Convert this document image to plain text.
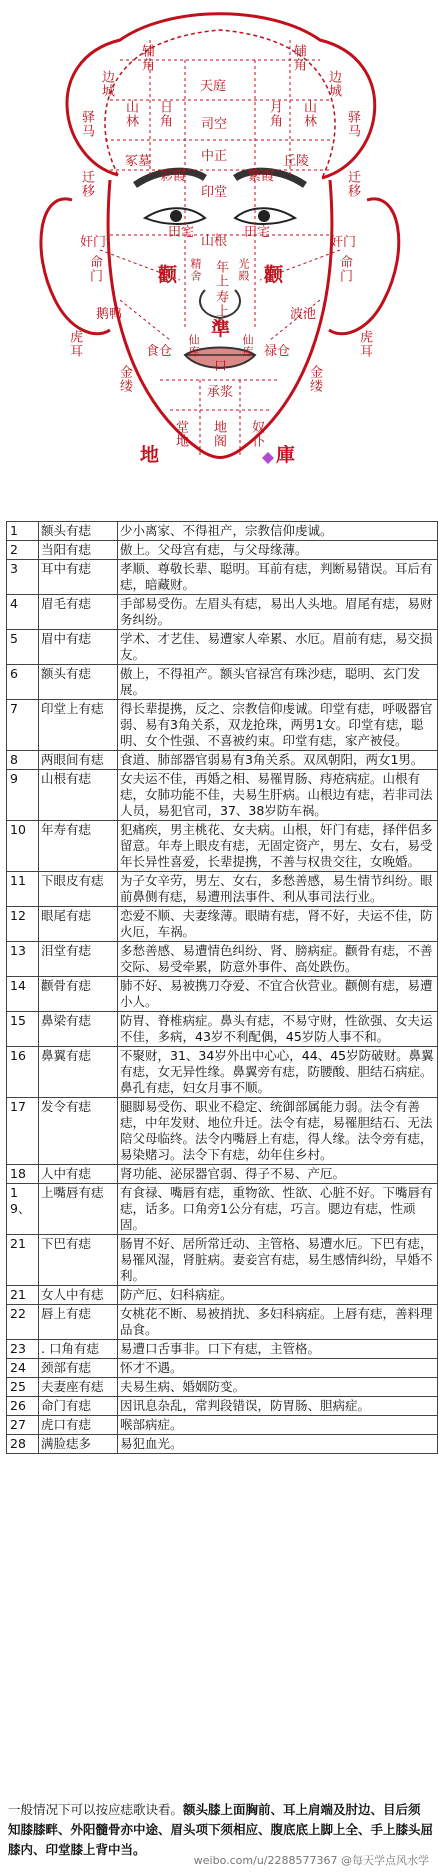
辅角	辅角
天庭
边城	边城
日角	月角
山林	山林
司空
驿马	驿马
中正
冢墓	丘陵
彩霞	繁霞
印堂
迁移	迁移
田宅	田宅
山根
奸门	奸门
年上
精舍	光殿
命门	命门
颧	颧
寿上
鹅鸭	波池
準
仙库	仙库
食仓	禄仓
虎耳	虎耳
金缕	金缕
口
承浆
地
堂地 地阁 奴仆
庫
1	额头有痣	少小离家、不得祖产，宗教信仰虔诚。
2	当阳有痣	傲上。父母宫有痣，与父母缘薄。
3	耳中有痣	孝顺、尊敬长辈、聪明。耳前有痣，判断易错误。耳后有痣，暗藏财。
4	眉毛有痣	手部易受伤。左眉头有痣，易出人头地。眉尾有痣，易财务纠纷。
5	眉中有痣	学术、才艺佳、易遭家人牵累、水厄。眉前有痣，易交损友。
6	额头有痣	傲上，不得祖产。额头官禄宫有珠沙痣，聪明、玄门发展。
7	印堂上有痣	得长辈提携，反之、宗教信仰虔诚。印堂有痣，呼吸器官弱、易有3角关系，双龙抢珠，两男1女。印堂有痣，聪明、女个性强、不喜被约束。印堂有痣，家产被侵。
8	两眼间有痣	食道、肺部器官弱易有3角关系。双凤朝阳，两女1男。
9	山根有痣	女夫运不佳，再婚之相、易罹胃肠、痔疮病症。山根有痣，女肺功能不佳，夫易生肝病。山根边有痣，若非司法人员，易犯官司，37、38岁防车祸。
10	年寿有痣	犯痛疾，男主桃花、女夫病。山根，奸门有痣，择伴侣多留意。年寿上眼皮有痣，无固定资产，男左、女右，易受年长异性喜爱，长辈提携，不善与权贵交往，女晚婚。
11	下眼皮有痣	为子女辛劳，男左、女右，多愁善感，易生情节纠纷。眼前鼻侧有痣，易遭刑法事件、利从事司法行业。
12	眼尾有痣	恋爱不顺、夫妻缘薄。眼睛有痣，肾不好，夫运不佳，防火厄，车祸。
13	泪堂有痣	多愁善感、易遭情色纠纷、肾、膀病症。颧骨有痣，不善交际、易受牵累，防意外事件、高处跌伤。
14	颧骨有痣	肺不好、易被携刀夺爱、不宜合伙营业。颧侧有痣，易遭小人。
15	鼻梁有痣	防胃、脊椎病症。鼻头有痣，不易守财，性欲强、女夫运不佳，多病，43岁不利配偶，45岁防人事不和。
16	鼻翼有痣	不聚财，31、34岁外出中心心，44、45岁防破财。鼻翼有痣，女无异性缘。鼻翼旁有痣，防腰酸、胆结石病症。鼻孔有痣，妇女月事不顺。
17	发令有痣	腿脚易受伤、职业不稳定、统御部属能力弱。法令有善痣，中年发财、地位升迁。法令有痣，易罹胆结石、无法陪父母临终。法令内嘴唇上有痣，得人缘。法令旁有痣，易染赌习。法令下有痣，幼年住乡村。
18	人中有痣	肾功能、泌尿器官弱、得子不易、产厄。
19、	上嘴唇有痣	有食禄、嘴唇有痣，重物欲、性欲、心脏不好。下嘴唇有痣，话多。口角旁1公分有痣，巧言。腮边有痣，性顽固。
21	下巴有痣	肠胃不好、居所常迁动、主管格、易遭水厄。下巴有痣，易罹风湿，肾脏病。妻妾宫有痣，易生感情纠纷，早婚不利。
21	女人中有痣	防产厄、妇科病症。
22	唇上有痣	女桃花不断、易被捎扰、多妇科病症。上唇有痣，善料理品食。
23	. 口角有痣	易遭口舌事非。口下有痣，主管格。
24	颈部有痣	怀才不遇。
25	夫妻座有痣	夫易生病、婚姻防变。
26	命门有痣	因讯息杂乱，常判段错误，防胃肠、胆病症。
27	虎口有痣	喉部病症。
28	满脸痣多	易犯血光。
一般情况下可以按应痣歌诀看。额头膝上面胸前、耳上肩端及肘边、目后须知膝膝畔、外阳髓骨亦中途、眉头项下须相应、腹底底上脚上全、手上膝头屈膝内、印堂膝上背中当。
weibo.com/u/2288577367 @每天学点风水学
